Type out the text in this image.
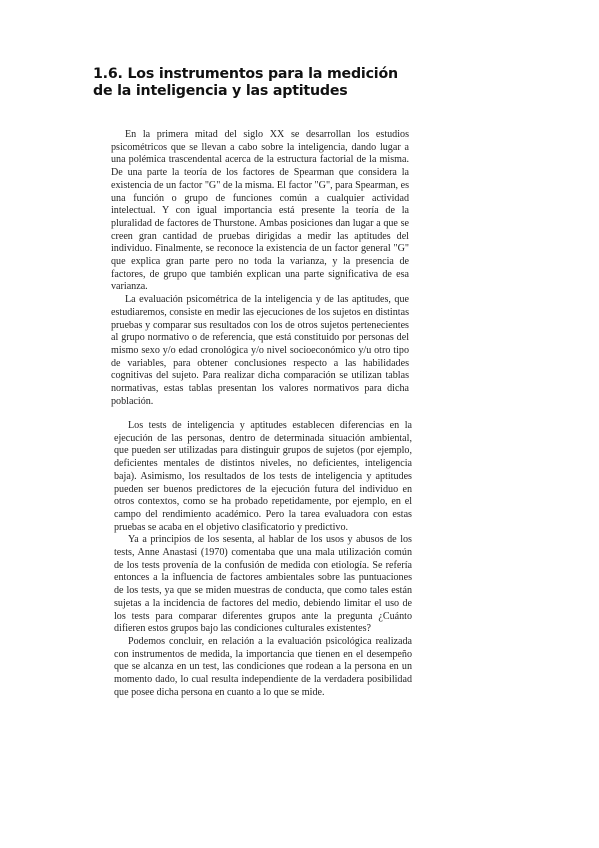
1.6. Los instrumentos para la medición
de la inteligencia y las aptitudes

En la primera mitad del siglo XX se desarrollan los estudios psicométricos que se llevan a cabo sobre la inteligencia, dando lugar a una polémica trascendental acerca de la estructura factorial de la misma. De una parte la teoría de los factores de Spearman que considera la existencia de un factor "G" de la misma. El factor "G", para Spearman, es una función o grupo de funciones común a cualquier actividad intelectual. Y con igual importancia está presente la teoría de la pluralidad de factores de Thurstone. Ambas posiciones dan lugar a que se creen gran cantidad de pruebas dirigidas a medir las aptitudes del individuo. Finalmente, se reconoce la existencia de un factor general "G" que explica gran parte pero no toda la varianza, y la presencia de factores, de grupo que también explican una parte significativa de esa varianza.

La evaluación psicométrica de la inteligencia y de las aptitudes, que estudiaremos, consiste en medir las ejecuciones de los sujetos en distintas pruebas y comparar sus resultados con los de otros sujetos pertenecientes al grupo normativo o de referencia, que está constituido por personas del mismo sexo y/o edad cronológica y/o nivel socioeconómico y/u otro tipo de variables, para obtener conclusiones respecto a las habilidades cognitivas del sujeto. Para realizar dicha comparación se utilizan tablas normativas, estas tablas presentan los valores normativos para dicha población.

Los tests de inteligencia y aptitudes establecen diferencias en la ejecución de las personas, dentro de determinada situación ambiental, que pueden ser utilizadas para distinguir grupos de sujetos (por ejemplo, deficientes mentales de distintos niveles, no deficientes, inteligencia baja). Asimismo, los resultados de los tests de inteligencia y aptitudes pueden ser buenos predictores de la ejecución futura del individuo en otros contextos, como se ha probado repetidamente, por ejemplo, en el campo del rendimiento académico. Pero la tarea evaluadora con estas pruebas se acaba en el objetivo clasificatorio y predictivo.

Ya a principios de los sesenta, al hablar de los usos y abusos de los tests, Anne Anastasi (1970) comentaba que una mala utilización común de los tests provenía de la confusión de medida con etiología. Se refería entonces a la influencia de factores ambientales sobre las puntuaciones de los tests, ya que se miden muestras de conducta, que como tales están sujetas a la incidencia de factores del medio, debiendo limitar el uso de los tests para comparar diferentes grupos ante la pregunta ¿Cuánto difieren estos grupos bajo las condiciones culturales existentes?

Podemos concluir, en relación a la evaluación psicológica realizada con instrumentos de medida, la importancia que tienen en el desempeño que se alcanza en un test, las condiciones que rodean a la persona en un momento dado, lo cual resulta independiente de la verdadera posibilidad que posee dicha persona en cuanto a lo que se mide.
